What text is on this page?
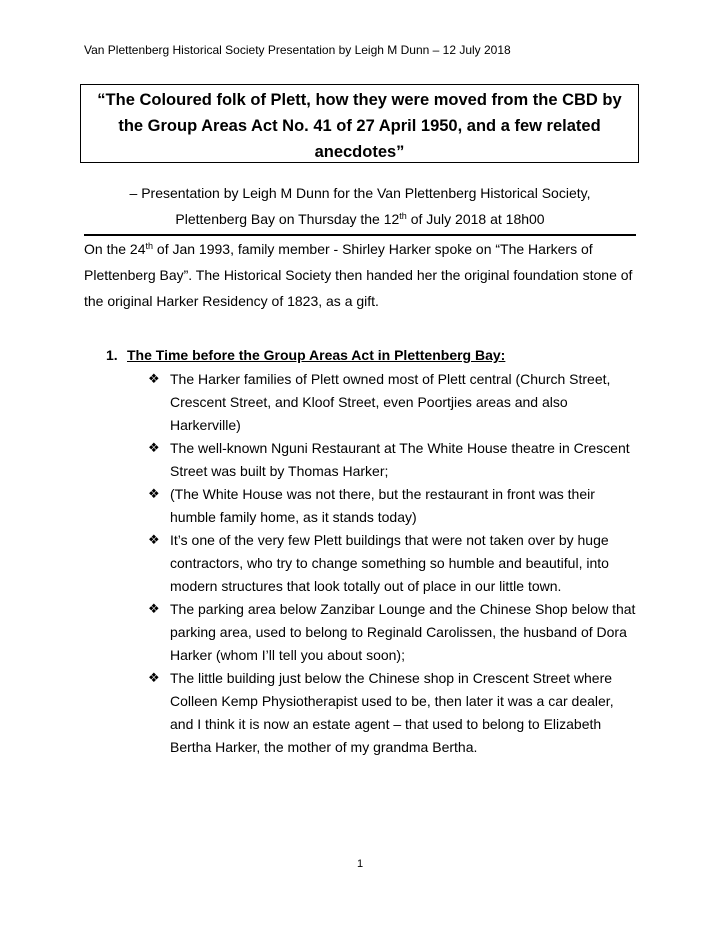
Van Plettenberg Historical Society Presentation by Leigh M Dunn – 12 July 2018
“The Coloured folk of Plett, how they were moved from the CBD by
the Group Areas Act No. 41 of 27 April 1950, and a few related
anecdotes”
– Presentation by Leigh M Dunn for the Van Plettenberg Historical Society,
Plettenberg Bay on Thursday the 12th of July 2018 at 18h00

On the 24th of Jan 1993, family member - Shirley Harker spoke on “The Harkers of Plettenberg Bay”. The Historical Society then handed her the original foundation stone of the original Harker Residency of 1823, as a gift.

1. The Time before the Group Areas Act in Plettenberg Bay:
❖ The Harker families of Plett owned most of Plett central (Church Street, Crescent Street, and Kloof Street, even Poortjies areas and also Harkerville)
❖ The well-known Nguni Restaurant at The White House theatre in Crescent Street was built by Thomas Harker;
❖ (The White House was not there, but the restaurant in front was their humble family home, as it stands today)
❖ It’s one of the very few Plett buildings that were not taken over by huge contractors, who try to change something so humble and beautiful, into modern structures that look totally out of place in our little town.
❖ The parking area below Zanzibar Lounge and the Chinese Shop below that parking area, used to belong to Reginald Carolissen, the husband of Dora Harker (whom I’ll tell you about soon);
❖ The little building just below the Chinese shop in Crescent Street where Colleen Kemp Physiotherapist used to be, then later it was a car dealer, and I think it is now an estate agent – that used to belong to Elizabeth Bertha Harker, the mother of my grandma Bertha.
1
